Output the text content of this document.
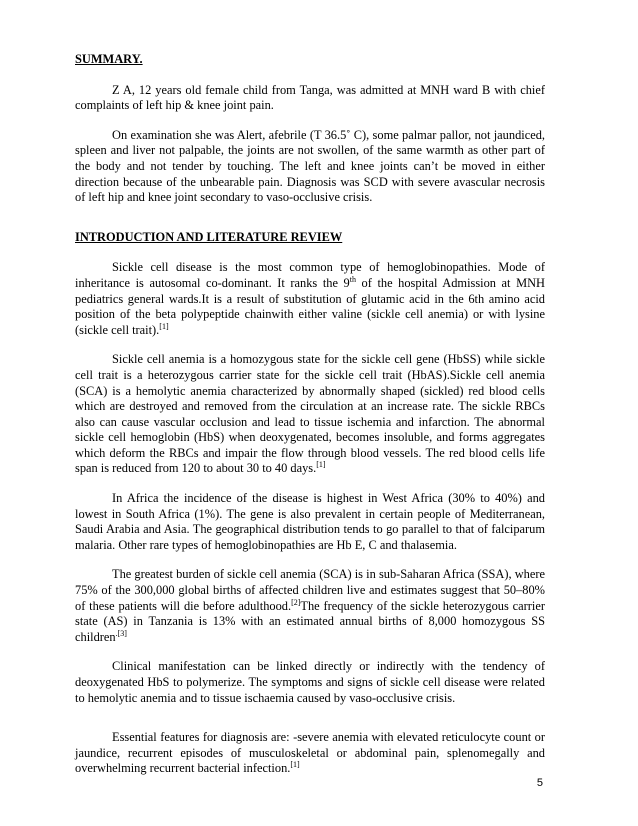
SUMMARY.

Z A, 12 years old female child from Tanga, was admitted at MNH ward B with chief complaints of left hip & knee joint pain.

On examination she was Alert, afebrile (T 36.5˚ C), some palmar pallor, not jaundiced, spleen and liver not palpable, the joints are not swollen, of the same warmth as other part of the body and not tender by touching. The left and knee joints can’t be moved in either direction because of the unbearable pain. Diagnosis was SCD with severe avascular necrosis of left hip and knee joint secondary to vaso-occlusive crisis.

INTRODUCTION AND LITERATURE REVIEW

Sickle cell disease is the most common type of hemoglobinopathies. Mode of inheritance is autosomal co-dominant. It ranks the 9th of the hospital Admission at MNH pediatrics general wards.It is a result of substitution of glutamic acid in the 6th amino acid position of the beta polypeptide chainwith either valine (sickle cell anemia) or with lysine (sickle cell trait).[1]

Sickle cell anemia is a homozygous state for the sickle cell gene (HbSS) while sickle cell trait is a heterozygous carrier state for the sickle cell trait (HbAS).Sickle cell anemia (SCA) is a hemolytic anemia characterized by abnormally shaped (sickled) red blood cells which are destroyed and removed from the circulation at an increase rate. The sickle RBCs also can cause vascular occlusion and lead to tissue ischemia and infarction. The abnormal sickle cell hemoglobin (HbS) when deoxygenated, becomes insoluble, and forms aggregates which deform the RBCs and impair the flow through blood vessels. The red blood cells life span is reduced from 120 to about 30 to 40 days.[1]

In Africa the incidence of the disease is highest in West Africa (30% to 40%) and lowest in South Africa (1%). The gene is also prevalent in certain people of Mediterranean, Saudi Arabia and Asia. The geographical distribution tends to go parallel to that of falciparum malaria. Other rare types of hemoglobinopathies are Hb E, C and thalasemia.

The greatest burden of sickle cell anemia (SCA) is in sub-Saharan Africa (SSA), where 75% of the 300,000 global births of affected children live and estimates suggest that 50–80% of these patients will die before adulthood.[2]The frequency of the sickle heterozygous carrier state (AS) in Tanzania is 13% with an estimated annual births of 8,000 homozygous SS children$^{.[3]}$

Clinical manifestation can be linked directly or indirectly with the tendency of deoxygenated HbS to polymerize. The symptoms and signs of sickle cell disease were related to hemolytic anemia and to tissue ischaemia caused by vaso-occlusive crisis.

Essential features for diagnosis are: -severe anemia with elevated reticulocyte count or jaundice, recurrent episodes of musculoskeletal or abdominal pain, splenomegally and overwhelming recurrent bacterial infection.[1]

5
